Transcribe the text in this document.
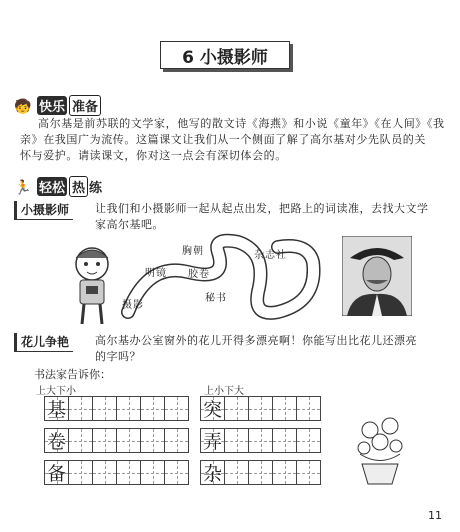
6 小摄影师
🧒 快乐 准备
高尔基是前苏联的文学家，他写的散文诗《海燕》和小说《童年》《在人间》《我
亲》在我国广为流传。这篇课文让我们从一个侧面了解了高尔基对少先队员的关
怀与爱护。请读课文，你对这一点会有深切体会的。
🏃 轻松 热 练
小摄影师	让我们和小摄影师一起从起点出发，把路上的词读准，去找大文学
家高尔基吧。
摄影
明镜
胸朝
胶卷
秘书
杂志社
花儿争艳	高尔基办公室窗外的花儿开得多漂亮啊！你能写出比花儿还漂亮
的字吗？
书法家告诉你：
上大下小
基
卷
备
上小下大
突
弄
杂
11
